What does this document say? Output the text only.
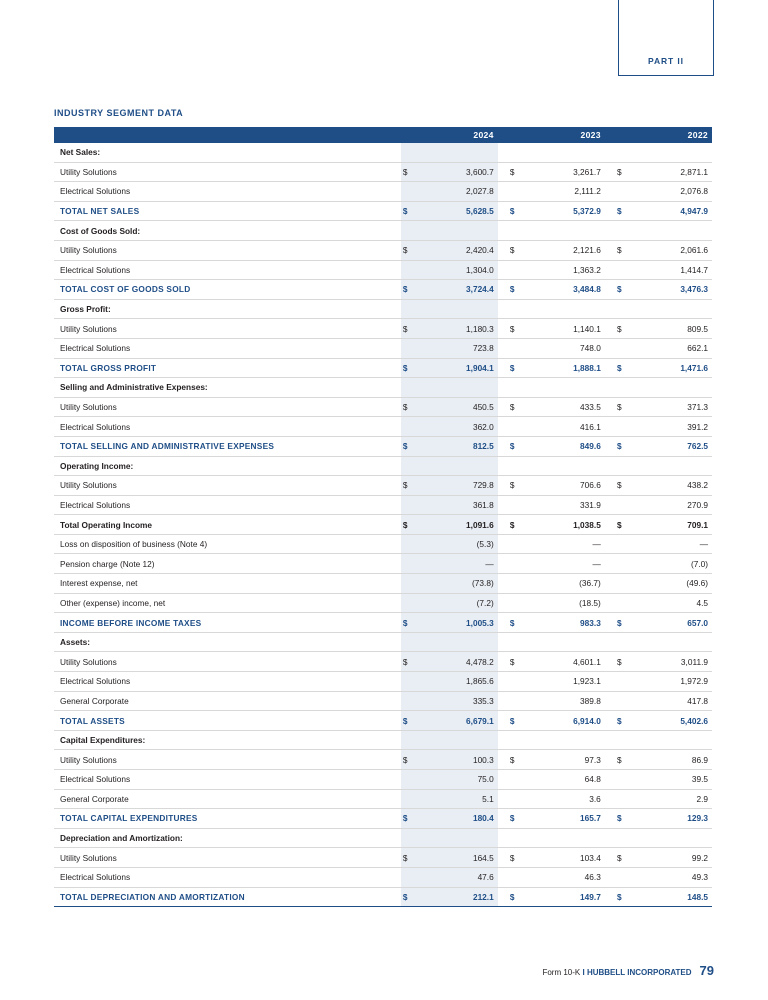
PART II
INDUSTRY SEGMENT DATA
	2024			2023			2022	
Net Sales:								
Utility Solutions	$	3,600.7		$	3,261.7		$	2,871.1
Electrical Solutions		2,027.8			2,111.2			2,076.8
TOTAL NET SALES	$	5,628.5		$	5,372.9		$	4,947.9
Cost of Goods Sold:								
Utility Solutions	$	2,420.4		$	2,121.6		$	2,061.6
Electrical Solutions		1,304.0			1,363.2			1,414.7
TOTAL COST OF GOODS SOLD	$	3,724.4		$	3,484.8		$	3,476.3
Gross Profit:								
Utility Solutions	$	1,180.3		$	1,140.1		$	809.5
Electrical Solutions		723.8			748.0			662.1
TOTAL GROSS PROFIT	$	1,904.1		$	1,888.1		$	1,471.6
Selling and Administrative Expenses:								
Utility Solutions	$	450.5		$	433.5		$	371.3
Electrical Solutions		362.0			416.1			391.2
TOTAL SELLING AND ADMINISTRATIVE EXPENSES	$	812.5		$	849.6		$	762.5
Operating Income:								
Utility Solutions	$	729.8		$	706.6		$	438.2
Electrical Solutions		361.8			331.9			270.9
Total Operating Income	$	1,091.6		$	1,038.5		$	709.1
Loss on disposition of business (Note 4)		(5.3)			—			—
Pension charge (Note 12)		—			—			(7.0)
Interest expense, net		(73.8)			(36.7)			(49.6)
Other (expense) income, net		(7.2)			(18.5)			4.5
INCOME BEFORE INCOME TAXES	$	1,005.3		$	983.3		$	657.0
Assets:								
Utility Solutions	$	4,478.2		$	4,601.1		$	3,011.9
Electrical Solutions		1,865.6			1,923.1			1,972.9
General Corporate		335.3			389.8			417.8
TOTAL ASSETS	$	6,679.1		$	6,914.0		$	5,402.6
Capital Expenditures:								
Utility Solutions	$	100.3		$	97.3		$	86.9
Electrical Solutions		75.0			64.8			39.5
General Corporate		5.1			3.6			2.9
TOTAL CAPITAL EXPENDITURES	$	180.4		$	165.7		$	129.3
Depreciation and Amortization:								
Utility Solutions	$	164.5		$	103.4		$	99.2
Electrical Solutions		47.6			46.3			49.3
TOTAL DEPRECIATION AND AMORTIZATION	$	212.1		$	149.7		$	148.5
Form 10-K I HUBBELL INCORPORATED 79
